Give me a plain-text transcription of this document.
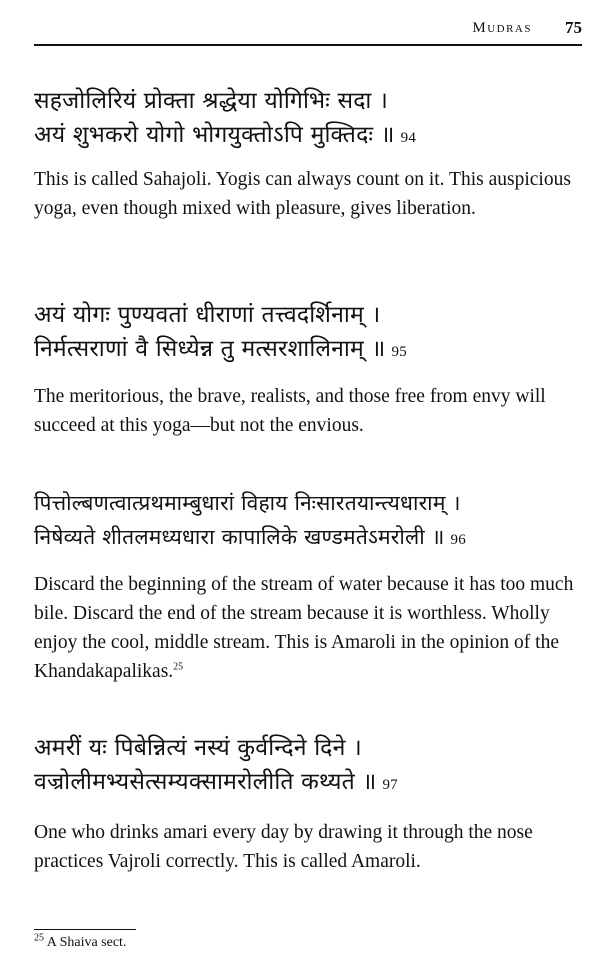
Mudras 75
सहजोलिरियं प्रोक्ता श्रद्धेया योगिभिः सदा ।
अयं शुभकरो योगो भोगयुक्तोऽपि मुक्तिदः ॥ 94
This is called Sahajoli. Yogis can always count on it. This auspicious yoga, even though mixed with pleasure, gives liberation.
अयं योगः पुण्यवतां धीराणां तत्त्वदर्शिनाम् ।
निर्मत्सराणां वै सिध्येन्न तु मत्सरशालिनाम् ॥ 95
The meritorious, the brave, realists, and those free from envy will succeed at this yoga—but not the envious.
पित्तोल्बणत्वात्प्रथमाम्बुधारां विहाय निःसारतयान्त्यधाराम् ।
निषेव्यते शीतलमध्यधारा कापालिके खण्डमतेऽमरोली ॥ 96
Discard the beginning of the stream of water because it has too much bile. Discard the end of the stream because it is worthless. Wholly enjoy the cool, middle stream. This is Amaroli in the opinion of the Khandakapalikas.$^{25}$
अमरीं यः पिबेन्नित्यं नस्यं कुर्वन्दिने दिने ।
वज्रोलीमभ्यसेत्सम्यक्सामरोलीति कथ्यते ॥ 97
One who drinks amari every day by drawing it through the nose practices Vajroli correctly. This is called Amaroli.
$^{25}$ A Shaiva sect.
